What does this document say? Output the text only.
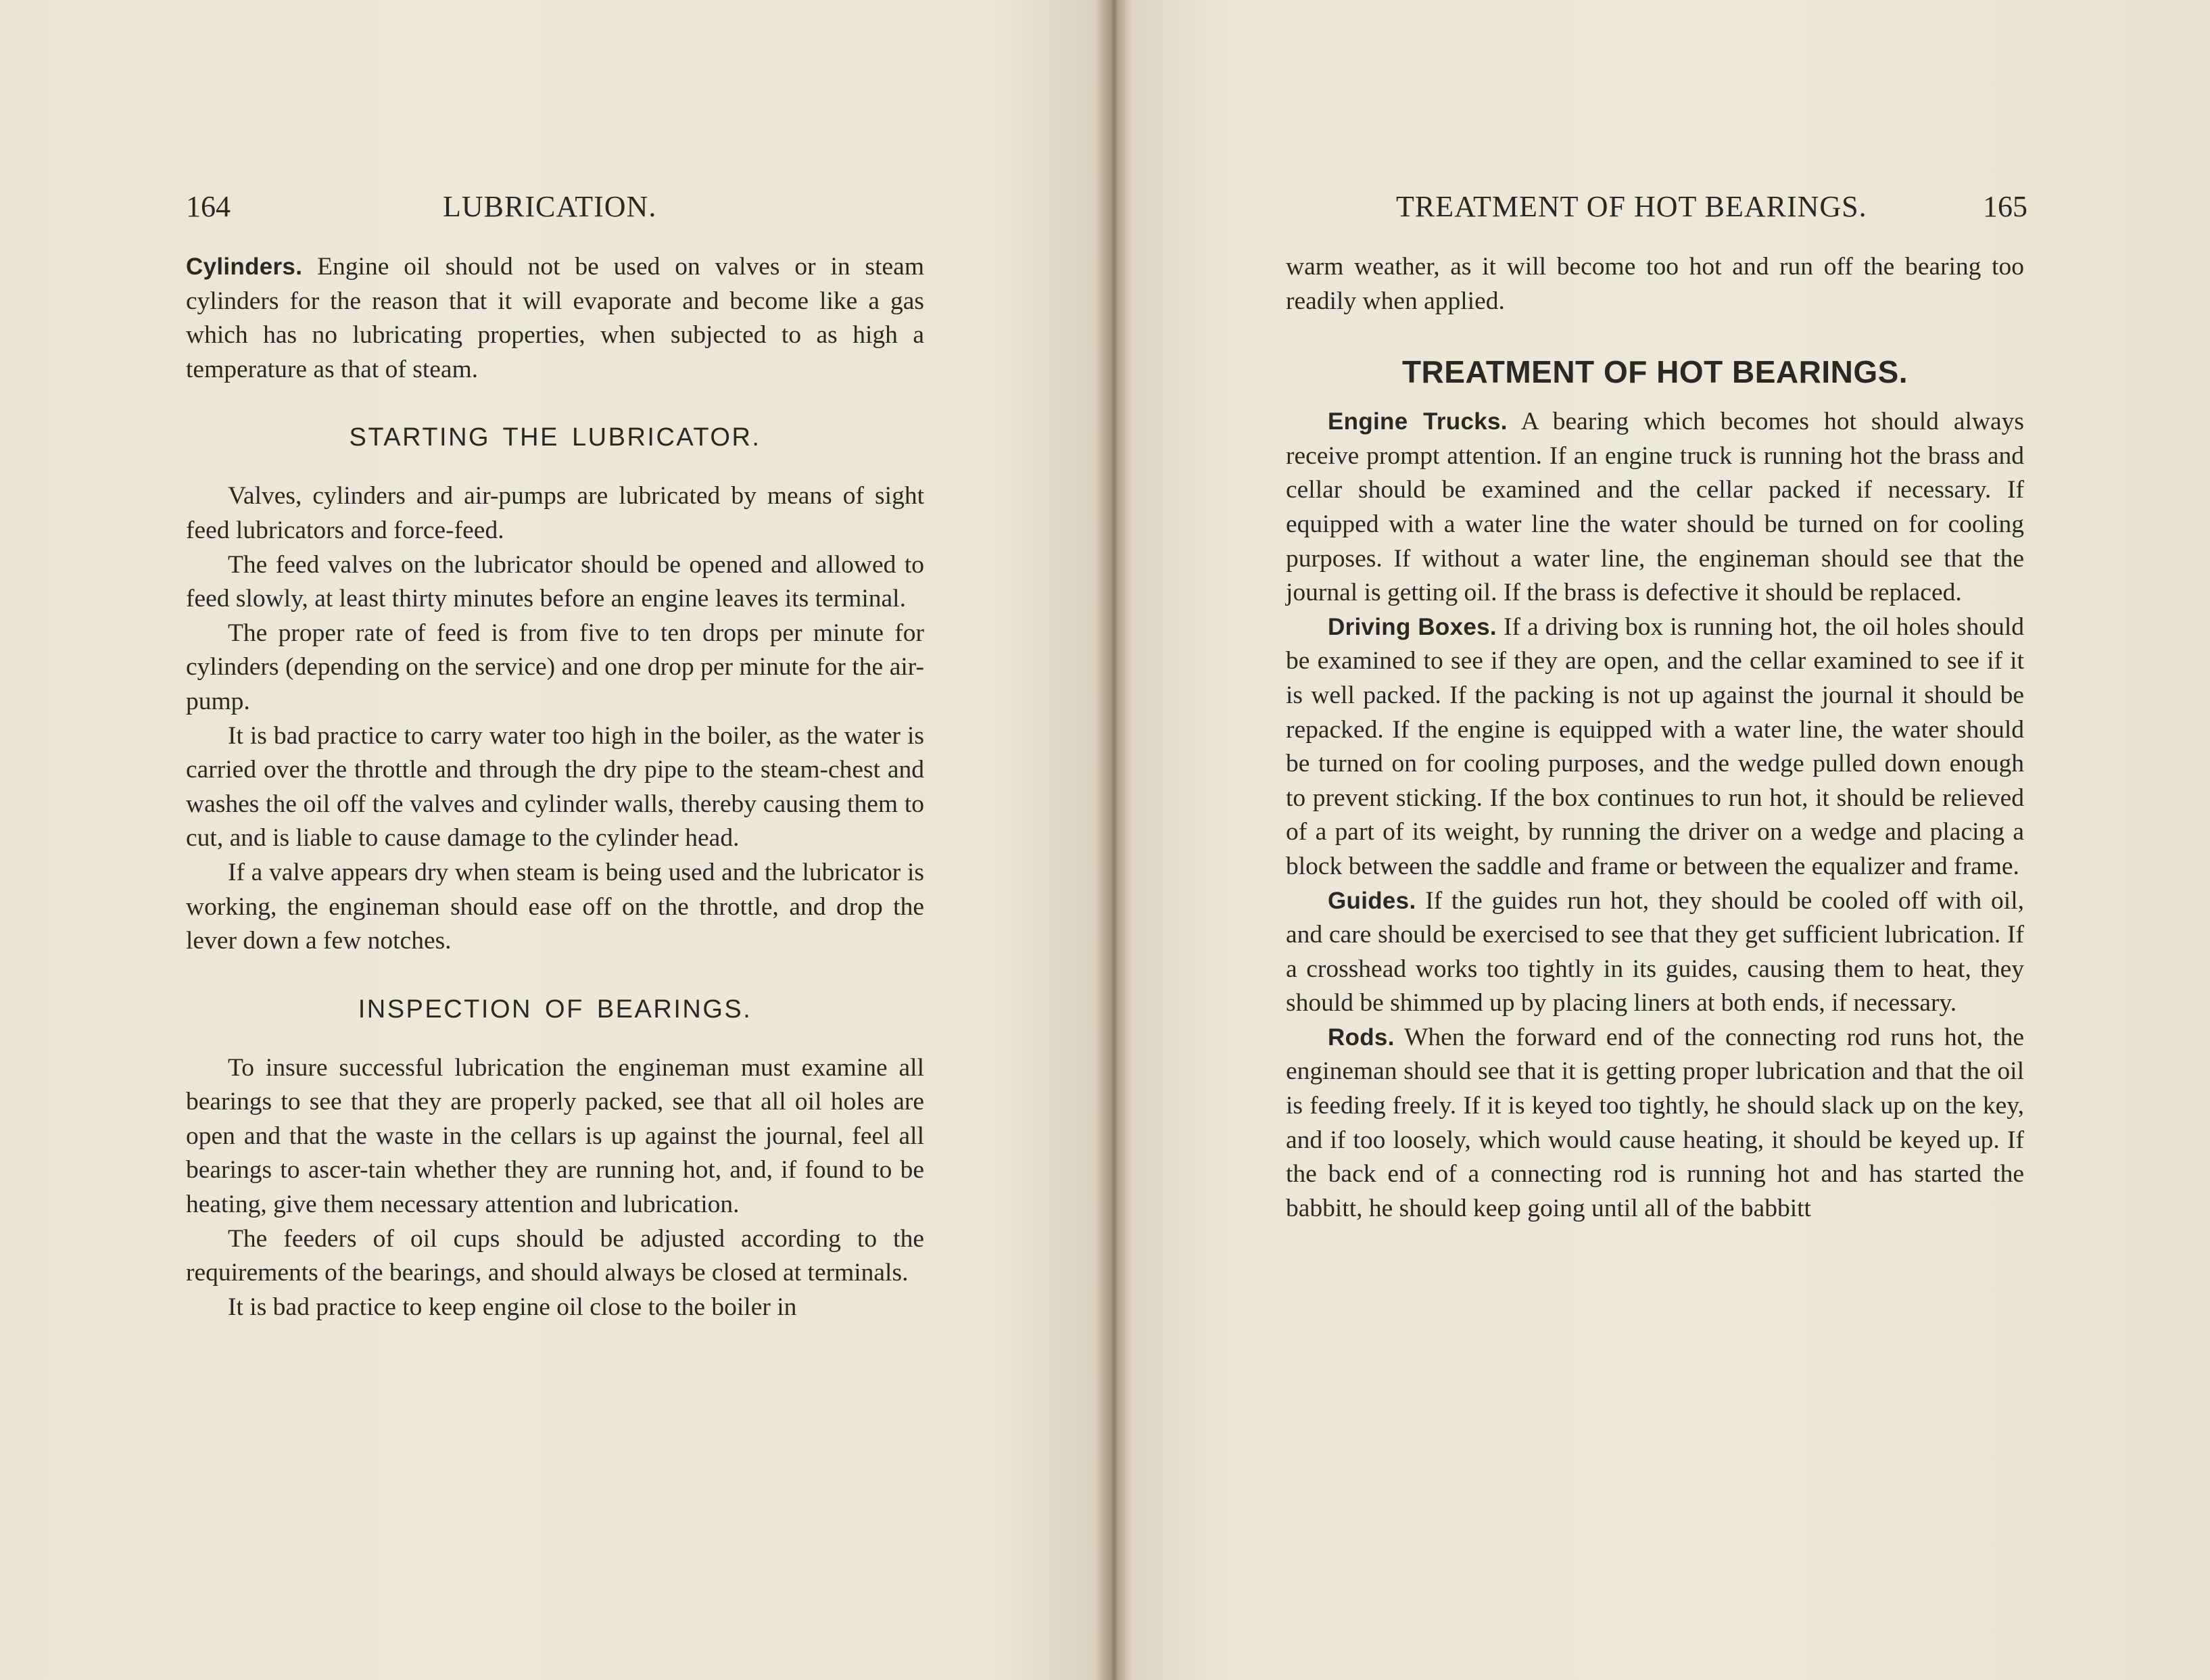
164	LUBRICATION.

Cylinders. Engine oil should not be used on valves or in steam cylinders for the reason that it will evaporate and become like a gas which has no lubricating properties, when subjected to as high a temperature as that of steam.

STARTING THE LUBRICATOR.

Valves, cylinders and air-pumps are lubricated by means of sight feed lubricators and force-feed.

The feed valves on the lubricator should be opened and allowed to feed slowly, at least thirty minutes before an engine leaves its terminal.

The proper rate of feed is from five to ten drops per minute for cylinders (depending on the service) and one drop per minute for the air-pump.

It is bad practice to carry water too high in the boiler, as the water is carried over the throttle and through the dry pipe to the steam-chest and washes the oil off the valves and cylinder walls, thereby causing them to cut, and is liable to cause damage to the cylinder head.

If a valve appears dry when steam is being used and the lubricator is working, the engineman should ease off on the throttle, and drop the lever down a few notches.

INSPECTION OF BEARINGS.

To insure successful lubrication the engineman must examine all bearings to see that they are properly packed, see that all oil holes are open and that the waste in the cellars is up against the journal, feel all bearings to ascer-tain whether they are running hot, and, if found to be heating, give them necessary attention and lubrication.

The feeders of oil cups should be adjusted according to the requirements of the bearings, and should always be closed at terminals.

It is bad practice to keep engine oil close to the boiler in

TREATMENT OF HOT BEARINGS.	165

warm weather, as it will become too hot and run off the bearing too readily when applied.

TREATMENT OF HOT BEARINGS.

Engine Trucks. A bearing which becomes hot should always receive prompt attention. If an engine truck is running hot the brass and cellar should be examined and the cellar packed if necessary. If equipped with a water line the water should be turned on for cooling purposes. If without a water line, the engineman should see that the journal is getting oil. If the brass is defective it should be replaced.

Driving Boxes. If a driving box is running hot, the oil holes should be examined to see if they are open, and the cellar examined to see if it is well packed. If the packing is not up against the journal it should be repacked. If the engine is equipped with a water line, the water should be turned on for cooling purposes, and the wedge pulled down enough to prevent sticking. If the box continues to run hot, it should be relieved of a part of its weight, by running the driver on a wedge and placing a block between the saddle and frame or between the equalizer and frame.

Guides. If the guides run hot, they should be cooled off with oil, and care should be exercised to see that they get sufficient lubrication. If a crosshead works too tightly in its guides, causing them to heat, they should be shimmed up by placing liners at both ends, if necessary.

Rods. When the forward end of the connecting rod runs hot, the engineman should see that it is getting proper lubrication and that the oil is feeding freely. If it is keyed too tightly, he should slack up on the key, and if too loosely, which would cause heating, it should be keyed up. If the back end of a connecting rod is running hot and has started the babbitt, he should keep going until all of the babbitt
